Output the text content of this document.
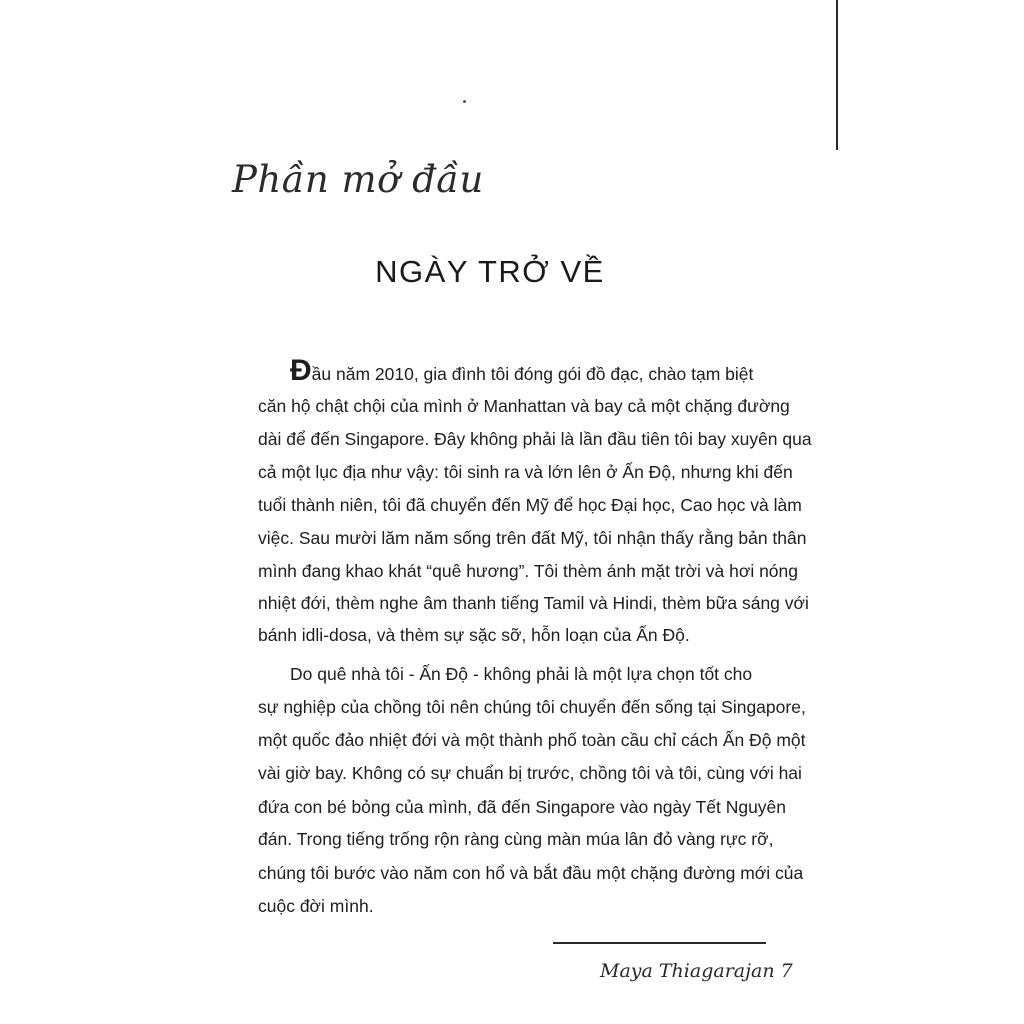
Phần mở đầu
NGÀY TRỞ VỀ
Đầu năm 2010, gia đình tôi đóng gói đồ đạc, chào tạm biệt
căn hộ chật chội của mình ở Manhattan và bay cả một chặng đường
dài để đến Singapore. Đây không phải là lần đầu tiên tôi bay xuyên qua
cả một lục địa như vậy: tôi sinh ra và lớn lên ở Ấn Độ, nhưng khi đến
tuổi thành niên, tôi đã chuyển đến Mỹ để học Đại học, Cao học và làm
việc. Sau mười lăm năm sống trên đất Mỹ, tôi nhận thấy rằng bản thân
mình đang khao khát “quê hương”. Tôi thèm ánh mặt trời và hơi nóng
nhiệt đới, thèm nghe âm thanh tiếng Tamil và Hindi, thèm bữa sáng với
bánh idli-dosa, và thèm sự sặc sỡ, hỗn loạn của Ấn Độ.
Do quê nhà tôi - Ấn Độ - không phải là một lựa chọn tốt cho
sự nghiệp của chồng tôi nên chúng tôi chuyển đến sống tại Singapore,
một quốc đảo nhiệt đới và một thành phố toàn cầu chỉ cách Ấn Độ một
vài giờ bay. Không có sự chuẩn bị trước, chồng tôi và tôi, cùng với hai
đứa con bé bỏng của mình, đã đến Singapore vào ngày Tết Nguyên
đán. Trong tiếng trống rộn ràng cùng màn múa lân đỏ vàng rực rỡ,
chúng tôi bước vào năm con hổ và bắt đầu một chặng đường mới của
cuộc đời mình.
Maya Thiagarajan 7
